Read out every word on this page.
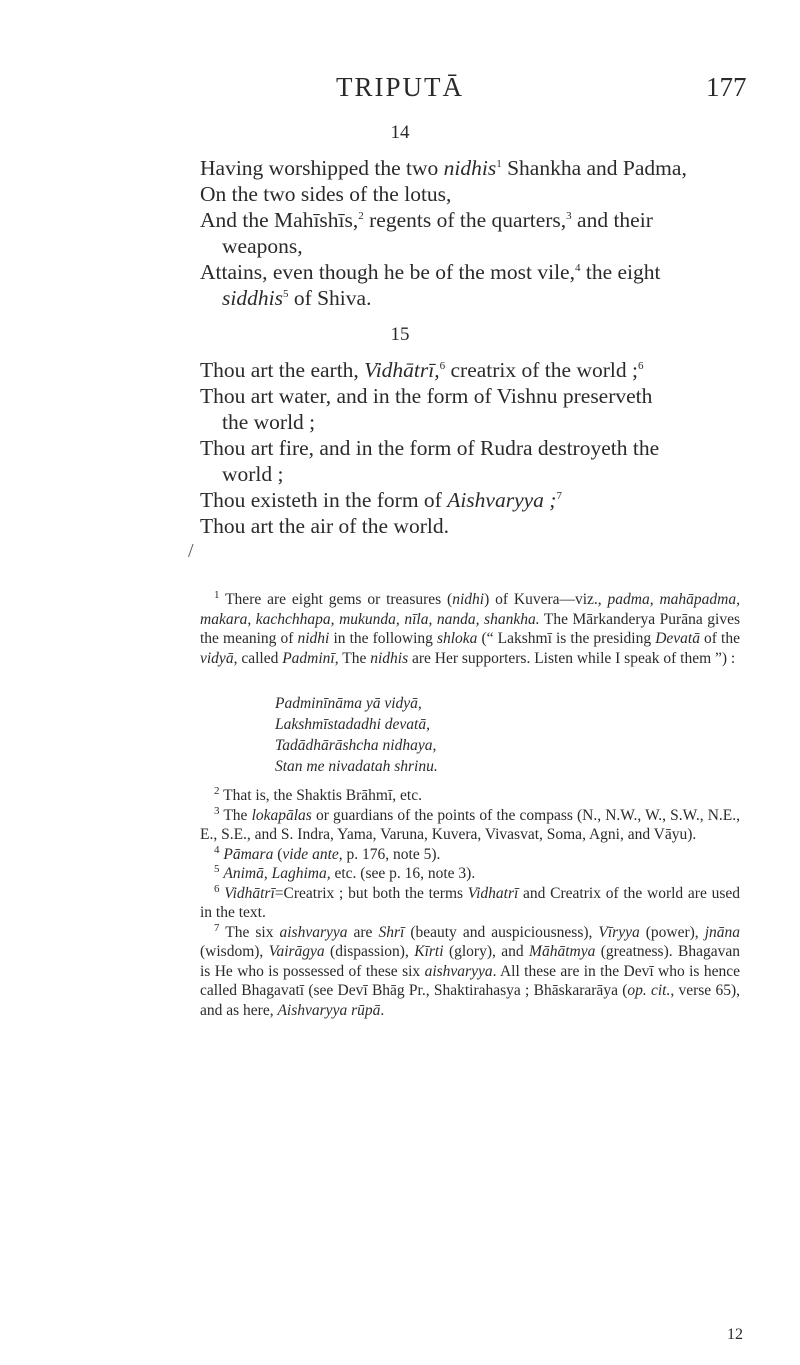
TRIPUTĀ	177
14
Having worshipped the two nidhis$^1$ Shankha and Padma,
On the two sides of the lotus,
And the Mahīshīs,$^2$ regents of the quarters,$^3$ and their
weapons,
Attains, even though he be of the most vile,$^4$ the eight
siddhis$^5$ of Shiva.
15
Thou art the earth, Vidhātrī,$^6$ creatrix of the world ;$^6$
Thou art water, and in the form of Vishnu preserveth
the world ;
Thou art fire, and in the form of Rudra destroyeth the
world ;
Thou existeth in the form of Aishvaryya ;$^7$
Thou art the air of the world.
/

$^1$ There are eight gems or treasures (nidhi) of Kuvera—viz., padma, mahāpadma, makara, kachchhapa, mukunda, nīla, nanda, shankha. The Mārkanderya Purāna gives the meaning of nidhi in the following shloka (“ Lakshmī is the presiding Devatā of the vidyā, called Padminī, The nidhis are Her supporters. Listen while I speak of them ”) :

Padminīnāma yā vidyā,
Lakshmīstadadhi devatā,
Tadādhārāshcha nidhaya,
Stan me nivadatah shrinu.

$^2$ That is, the Shaktis Brāhmī, etc.

$^3$ The lokapālas or guardians of the points of the compass (N., N.W., W., S.W., N.E., E., S.E., and S. Indra, Yama, Varuna, Kuvera, Vivasvat, Soma, Agni, and Vāyu).

$^4$ Pāmara (vide ante, p. 176, note 5).

$^5$ Animā, Laghima, etc. (see p. 16, note 3).

$^6$ Vidhātrī=Creatrix ; but both the terms Vidhatrī and Creatrix of the world are used in the text.

$^7$ The six aishvaryya are Shrī (beauty and auspiciousness), Vīryya (power), jnāna (wisdom), Vairāgya (dispassion), Kīrti (glory), and Māhātmya (greatness). Bhagavan is He who is possessed of these six aishvaryya. All these are in the Devī who is hence called Bhagavatī (see Devī Bhāg Pr., Shaktirahasya ; Bhāskararāya (op. cit., verse 65), and as here, Aishvaryya rūpā.

12
